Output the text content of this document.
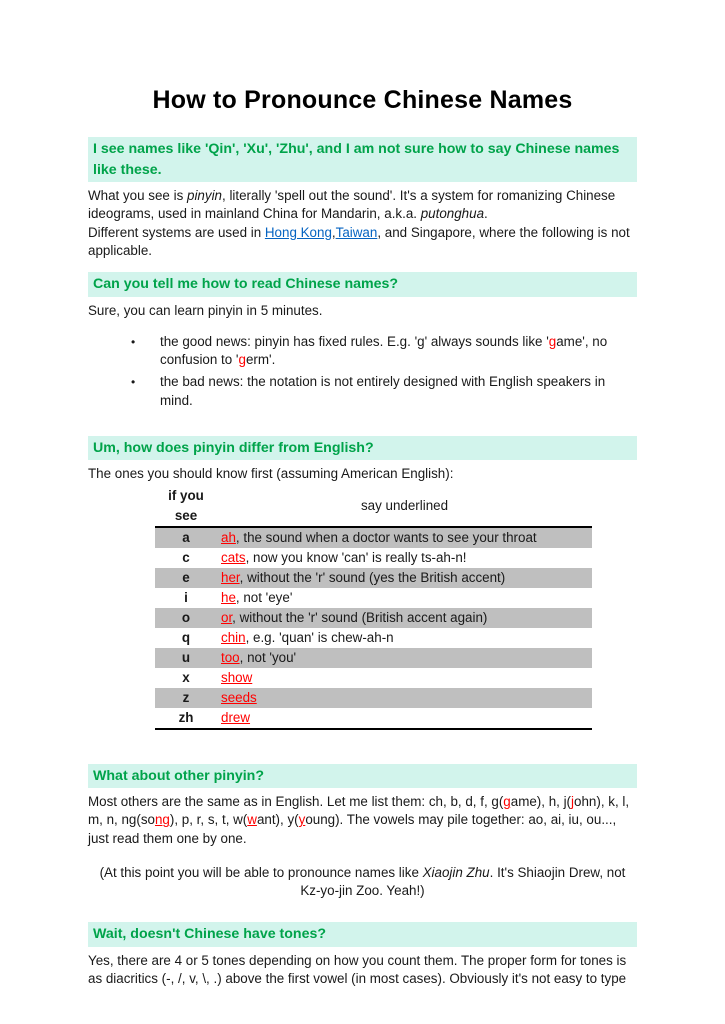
How to Pronounce Chinese Names
I see names like 'Qin', 'Xu', 'Zhu', and I am not sure how to say Chinese names like these.

What you see is pinyin, literally 'spell out the sound'. It's a system for romanizing Chinese ideograms, used in mainland China for Mandarin, a.k.a. putonghua.

Different systems are used in Hong Kong,Taiwan, and Singapore, where the following is not applicable.

Can you tell me how to read Chinese names?

Sure, you can learn pinyin in 5 minutes.

•	the good news: pinyin has fixed rules. E.g. 'g' always sounds like 'game', no confusion to 'germ'.
•	the bad news: the notation is not entirely designed with English speakers in mind.
Um, how does pinyin differ from English?

The ones you should know first (assuming American English):

if you see	say underlined
a	ah, the sound when a doctor wants to see your throat
c	cats, now you know 'can' is really ts-ah-n!
e	her, without the 'r' sound (yes the British accent)
i	he, not 'eye'
o	or, without the 'r' sound (British accent again)
q	chin, e.g. 'quan' is chew-ah-n
u	too, not 'you'
x	show
z	seeds
zh	drew
What about other pinyin?

Most others are the same as in English. Let me list them: ch, b, d, f, g(game), h, j(john), k, l, m, n, ng(song), p, r, s, t, w(want), y(young). The vowels may pile together: ao, ai, iu, ou..., just read them one by one.

(At this point you will be able to pronounce names like Xiaojin Zhu. It's Shiaojin Drew, not Kz-yo-jin Zoo. Yeah!)

Wait, doesn't Chinese have tones?

Yes, there are 4 or 5 tones depending on how you count them. The proper form for tones is as diacritics (-, /, v, \, .) above the first vowel (in most cases). Obviously it's not easy to type
